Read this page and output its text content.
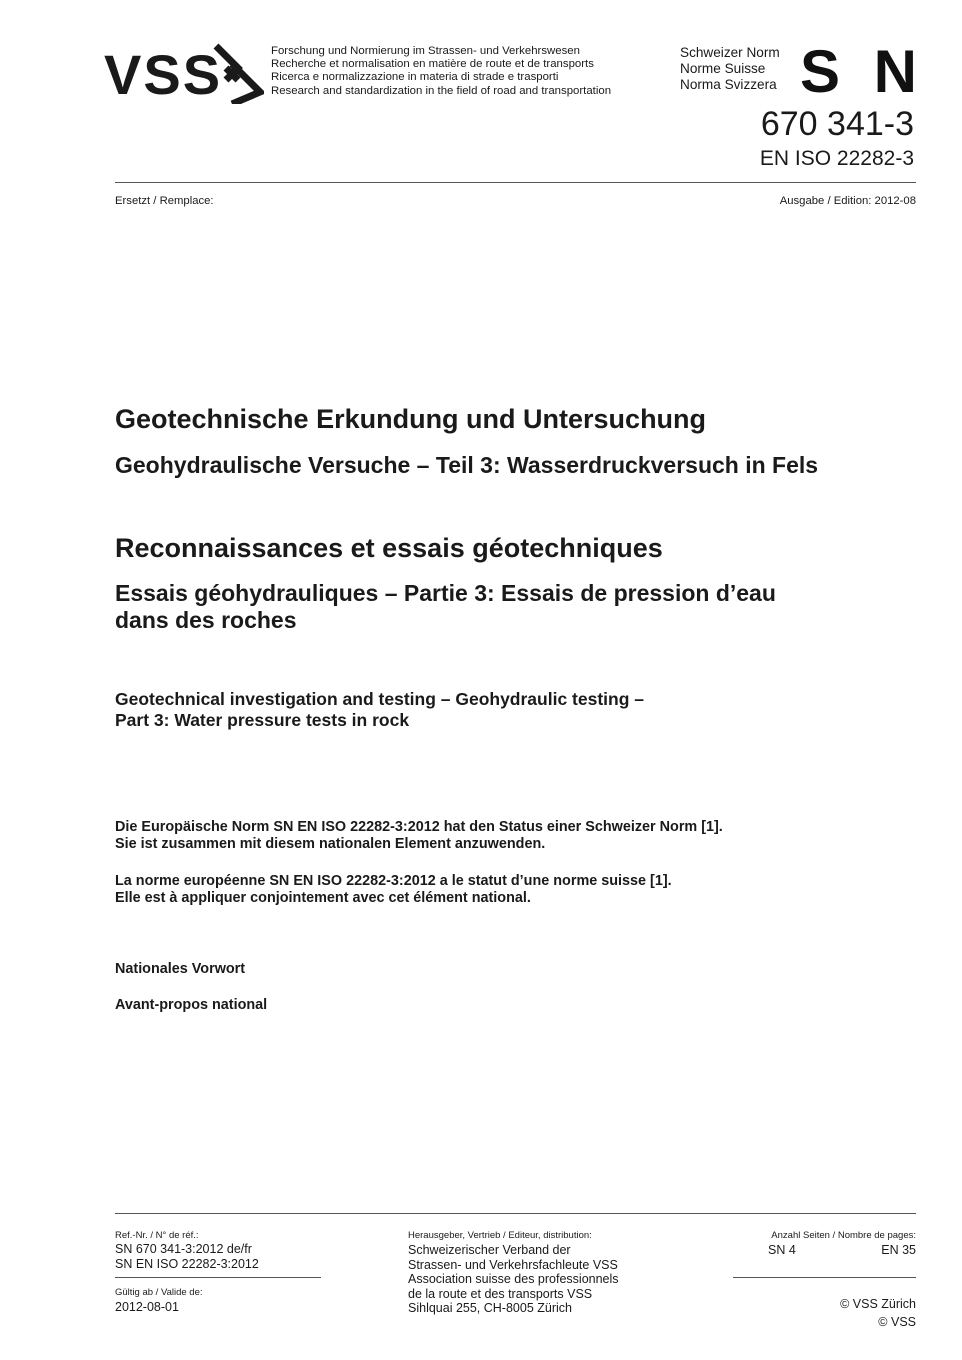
VSS	Forschung und Normierung im Strassen- und Verkehrswesen
Recherche et normalisation en matière de route et de transports
Ricerca e normalizzazione in materia di strade e trasporti
Research and standardization in the field of road and transportation
Schweizer Norm
Norme Suisse
Norma Svizzera SN
670 341-3
EN ISO 22282-3
Ersetzt / Remplace:	Ausgabe / Edition: 2012-08
Geotechnische Erkundung und Untersuchung
Geohydraulische Versuche – Teil 3: Wasserdruckversuch in Fels
Reconnaissances et essais géotechniques
Essais géohydrauliques – Partie 3: Essais de pression d’eau
dans des roches
Geotechnical investigation and testing – Geohydraulic testing –
Part 3: Water pressure tests in rock
Die Europäische Norm SN EN ISO 22282-3:2012 hat den Status einer Schweizer Norm [1].
Sie ist zusammen mit diesem nationalen Element anzuwenden.
La norme européenne SN EN ISO 22282-3:2012 a le statut d’une norme suisse [1].
Elle est à appliquer conjointement avec cet élément national.
Nationales Vorwort
Avant-propos national
Ref.-Nr. / N° de réf.:
SN 670 341-3:2012 de/fr
SN EN ISO 22282-3:2012
Gültig ab / Valide de:
2012-08-01
Herausgeber, Vertrieb / Editeur, distribution:
Schweizerischer Verband der
Strassen- und Verkehrsfachleute VSS
Association suisse des professionnels
de la route et des transports VSS
Sihlquai 255, CH-8005 Zürich
Anzahl Seiten / Nombre de pages:
SN 4	EN 35
© VSS Zürich
© VSS
